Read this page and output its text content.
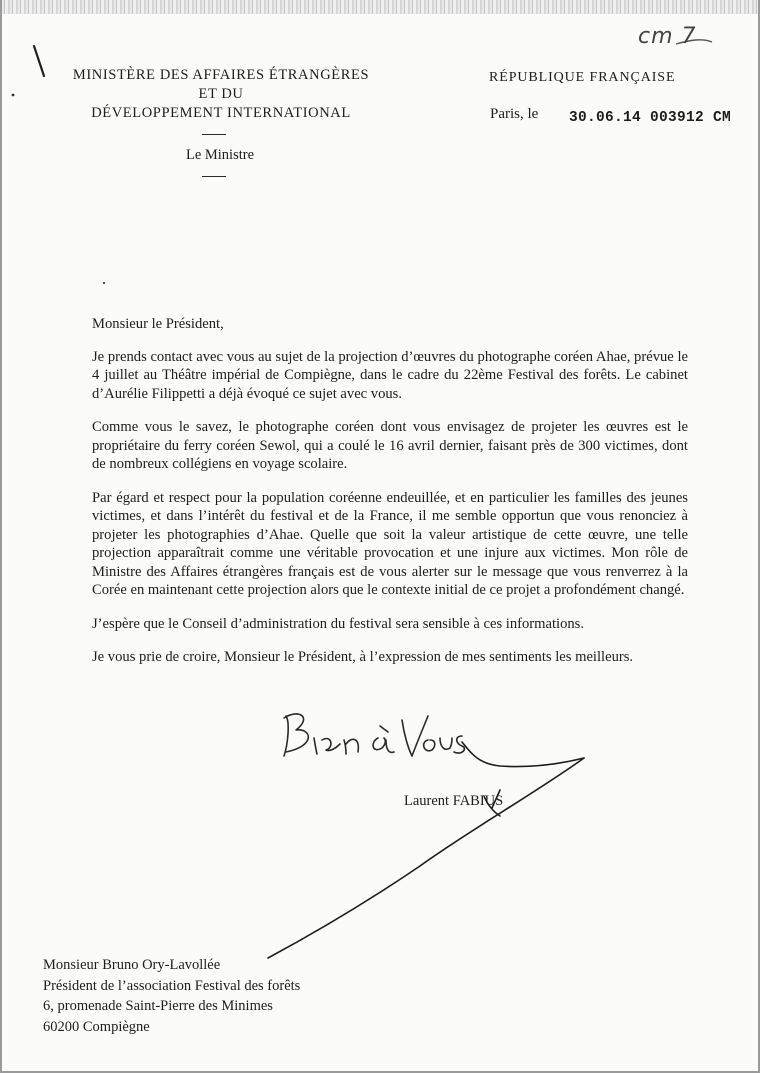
cm 7
MINISTÈRE DES AFFAIRES ÉTRANGÈRES
ET DU
DÉVELOPPEMENT INTERNATIONAL
Le Ministre
RÉPUBLIQUE FRANÇAISE
Paris, le 30.06.14 003912 CM

Monsieur le Président,

Je prends contact avec vous au sujet de la projection d’œuvres du photographe coréen Ahae, prévue le 4 juillet au Théâtre impérial de Compiègne, dans le cadre du 22ème Festival des forêts. Le cabinet d’Aurélie Filippetti a déjà évoqué ce sujet avec vous.

Comme vous le savez, le photographe coréen dont vous envisagez de projeter les œuvres est le propriétaire du ferry coréen Sewol, qui a coulé le 16 avril dernier, faisant près de 300 victimes, dont de nombreux collégiens en voyage scolaire.

Par égard et respect pour la population coréenne endeuillée, et en particulier les familles des jeunes victimes, et dans l’intérêt du festival et de la France, il me semble opportun que vous renonciez à projeter les photographies d’Ahae. Quelle que soit la valeur artistique de cette œuvre, une telle projection apparaîtrait comme une véritable provocation et une injure aux victimes. Mon rôle de Ministre des Affaires étrangères français est de vous alerter sur le message que vous renverrez à la Corée en maintenant cette projection alors que le contexte initial de ce projet a profondément changé.

J’espère que le Conseil d’administration du festival sera sensible à ces informations.

Je vous prie de croire, Monsieur le Président, à l’expression de mes sentiments les meilleurs.

Laurent FABIUS
Monsieur Bruno Ory-Lavollée
Président de l’association Festival des forêts
6, promenade Saint-Pierre des Minimes
60200 Compiègne
